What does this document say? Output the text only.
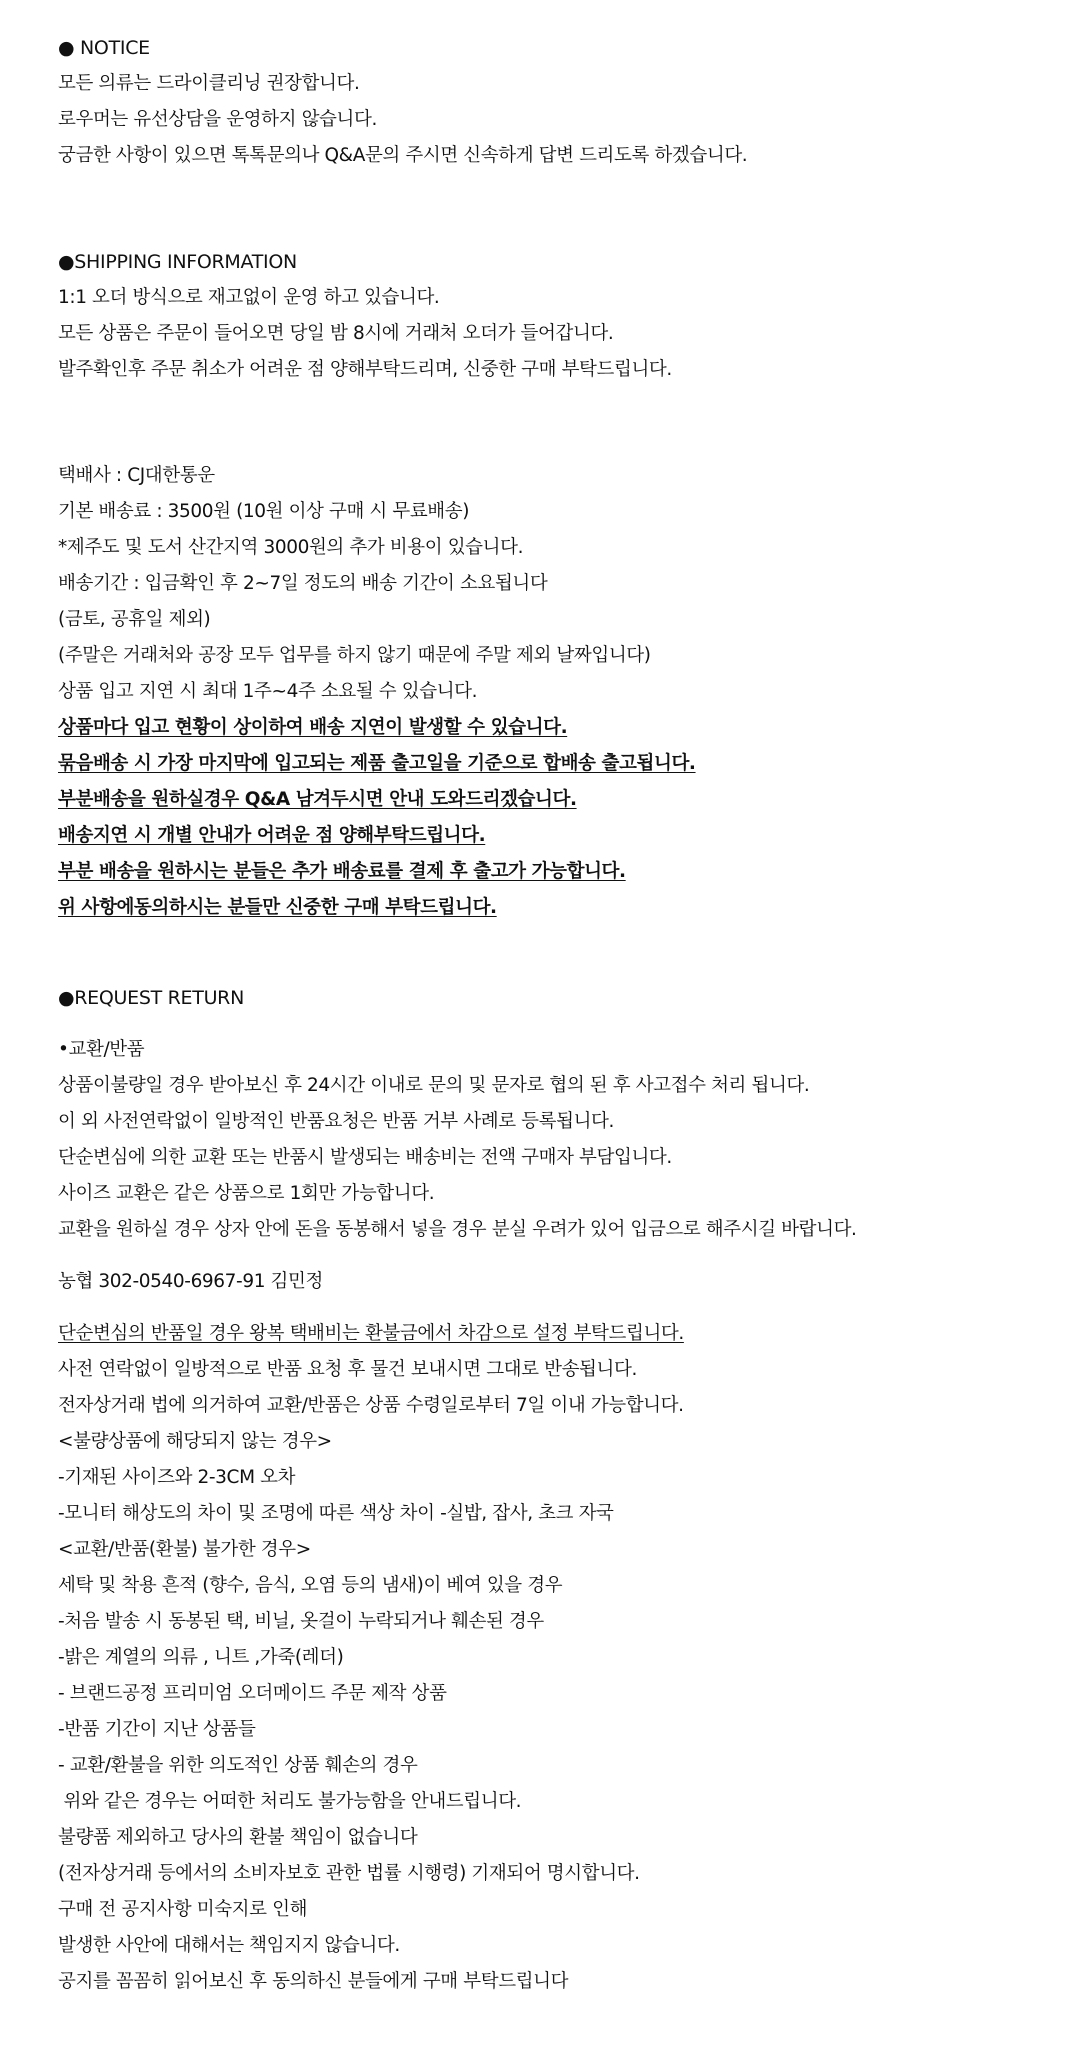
● NOTICE
모든 의류는 드라이클리닝 권장합니다.
로우머는 유선상담을 운영하지 않습니다.
궁금한 사항이 있으면 톡톡문의나 Q&A문의 주시면 신속하게 답변 드리도록 하겠습니다.
●SHIPPING INFORMATION
1:1 오더 방식으로 재고없이 운영 하고 있습니다.
모든 상품은 주문이 들어오면 당일 밤 8시에 거래처 오더가 들어갑니다.
발주확인후 주문 취소가 어려운 점 양해부탁드리며, 신중한 구매 부탁드립니다.
택배사 : CJ대한통운
기본 배송료 : 3500원 (10원 이상 구매 시 무료배송)
*제주도 및 도서 산간지역 3000원의 추가 비용이 있습니다.
배송기간 : 입금확인 후 2~7일 정도의 배송 기간이 소요됩니다
(금토, 공휴일 제외)
(주말은 거래처와 공장 모두 업무를 하지 않기 때문에 주말 제외 날짜입니다)
상품 입고 지연 시 최대 1주~4주 소요될 수 있습니다.
상품마다 입고 현황이 상이하여 배송 지연이 발생할 수 있습니다.
묶음배송 시 가장 마지막에 입고되는 제품 출고일을 기준으로 합배송 출고됩니다.
부분배송을 원하실경우 Q&A 남겨두시면 안내 도와드리겠습니다.
배송지연 시 개별 안내가 어려운 점 양해부탁드립니다.
부분 배송을 원하시는 분들은 추가 배송료를 결제 후 출고가 가능합니다.
위 사항에동의하시는 분들만 신중한 구매 부탁드립니다.
●REQUEST RETURN
•교환/반품
상품이불량일 경우 받아보신 후 24시간 이내로 문의 및 문자로 협의 된 후 사고접수 처리 됩니다.
이 외 사전연락없이 일방적인 반품요청은 반품 거부 사례로 등록됩니다.
단순변심에 의한 교환 또는 반품시 발생되는 배송비는 전액 구매자 부담입니다.
사이즈 교환은 같은 상품으로 1회만 가능합니다.
교환을 원하실 경우 상자 안에 돈을 동봉해서 넣을 경우 분실 우려가 있어 입금으로 해주시길 바랍니다.
농협 302-0540-6967-91 김민정
단순변심의 반품일 경우 왕복 택배비는 환불금에서 차감으로 설정 부탁드립니다.
사전 연락없이 일방적으로 반품 요청 후 물건 보내시면 그대로 반송됩니다.
전자상거래 법에 의거하여 교환/반품은 상품 수령일로부터 7일 이내 가능합니다.
<불량상품에 해당되지 않는 경우>
-기재된 사이즈와 2-3CM 오차
-모니터 해상도의 차이 및 조명에 따른 색상 차이 -실밥, 잡사, 초크 자국
<교환/반품(환불) 불가한 경우>
세탁 및 착용 흔적 (향수, 음식, 오염 등의 냄새)이 베여 있을 경우
-처음 발송 시 동봉된 택, 비닐, 옷걸이 누락되거나 훼손된 경우
-밝은 계열의 의류 , 니트 ,가죽(레더)
- 브랜드공정 프리미엄 오더메이드 주문 제작 상품
-반품 기간이 지난 상품들
- 교환/환불을 위한 의도적인 상품 훼손의 경우
위와 같은 경우는 어떠한 처리도 불가능함을 안내드립니다.
불량품 제외하고 당사의 환불 책임이 없습니다
(전자상거래 등에서의 소비자보호 관한 법률 시행령) 기재되어 명시합니다.
구매 전 공지사항 미숙지로 인해
발생한 사안에 대해서는 책임지지 않습니다.
공지를 꼼꼼히 읽어보신 후 동의하신 분들에게 구매 부탁드립니다
